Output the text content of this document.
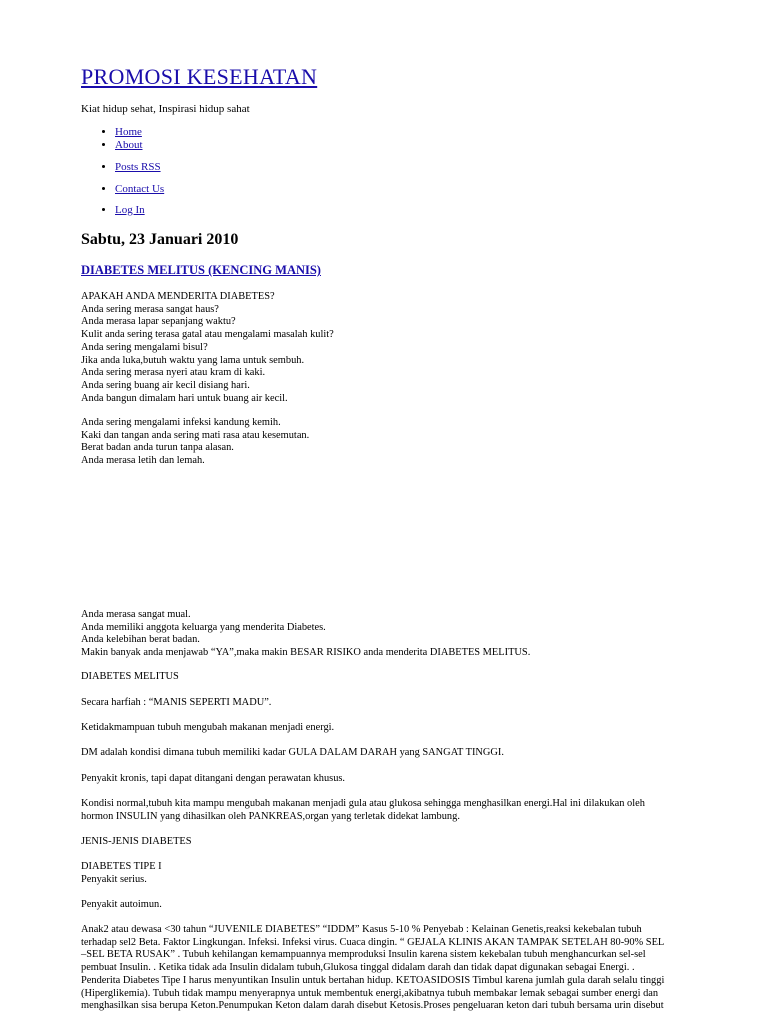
PROMOSI KESEHATAN
Kiat hidup sehat, Inspirasi hidup sahat
• Home
• About
• Posts RSS
• Contact Us
• Log In
Sabtu, 23 Januari 2010
DIABETES MELITUS (KENCING MANIS)

APAKAH ANDA MENDERITA DIABETES?

Anda sering merasa sangat haus?

Anda merasa lapar sepanjang waktu?

Kulit anda sering terasa gatal atau mengalami masalah kulit?

Anda sering mengalami bisul?

Jika anda luka,butuh waktu yang lama untuk sembuh.

Anda sering merasa nyeri atau kram di kaki.

Anda sering buang air kecil disiang hari.

Anda bangun dimalam hari untuk buang air kecil.

Anda sering mengalami infeksi kandung kemih.

Kaki dan tangan anda sering mati rasa atau kesemutan.

Berat badan anda turun tanpa alasan.

Anda merasa letih dan lemah.

Anda merasa sangat mual.

Anda memiliki anggota keluarga yang menderita Diabetes.

Anda kelebihan berat badan.

Makin banyak anda menjawab “YA”,maka makin BESAR RISIKO anda menderita DIABETES MELITUS.

DIABETES MELITUS
Secara harfiah : “MANIS SEPERTI MADU”.
Ketidakmampuan tubuh mengubah makanan menjadi energi.
DM adalah kondisi dimana tubuh memiliki kadar GULA DALAM DARAH yang SANGAT TINGGI.
Penyakit kronis, tapi dapat ditangani dengan perawatan khusus.

Kondisi normal,tubuh kita mampu mengubah makanan menjadi gula atau glukosa sehingga menghasilkan energi.Hal ini dilakukan oleh

hormon INSULIN yang dihasilkan oleh PANKREAS,organ yang terletak didekat lambung.

JENIS-JENIS DIABETES

DIABETES TIPE I

Penyakit serius.

Penyakit autoimun.

Anak2 atau dewasa <30 tahun “JUVENILE DIABETES” “IDDM” Kasus 5-10 % Penyebab : Kelainan Genetis,reaksi kekebalan tubuh

terhadap sel2 Beta. Faktor Lingkungan. Infeksi. Infeksi virus. Cuaca dingin. “ GEJALA KLINIS AKAN TAMPAK SETELAH 80-90% SEL

–SEL BETA RUSAK” . Tubuh kehilangan kemampuannya memproduksi Insulin karena sistem kekebalan tubuh menghancurkan sel-sel

pembuat Insulin. . Ketika tidak ada Insulin didalam tubuh,Glukosa tinggal didalam darah dan tidak dapat digunakan sebagai Energi. .

Penderita Diabetes Tipe I harus menyuntikan Insulin untuk bertahan hidup. KETOASIDOSIS Timbul karena jumlah gula darah selalu tinggi

(Hiperglikemia). Tubuh tidak mampu menyerapnya untuk membentuk energi,akibatnya tubuh membakar lemak sebagai sumber energi dan

menghasilkan sisa berupa Keton.Penumpukan Keton dalam darah disebut Ketosis.Proses pengeluaran keton dari tubuh bersama urin disebut
